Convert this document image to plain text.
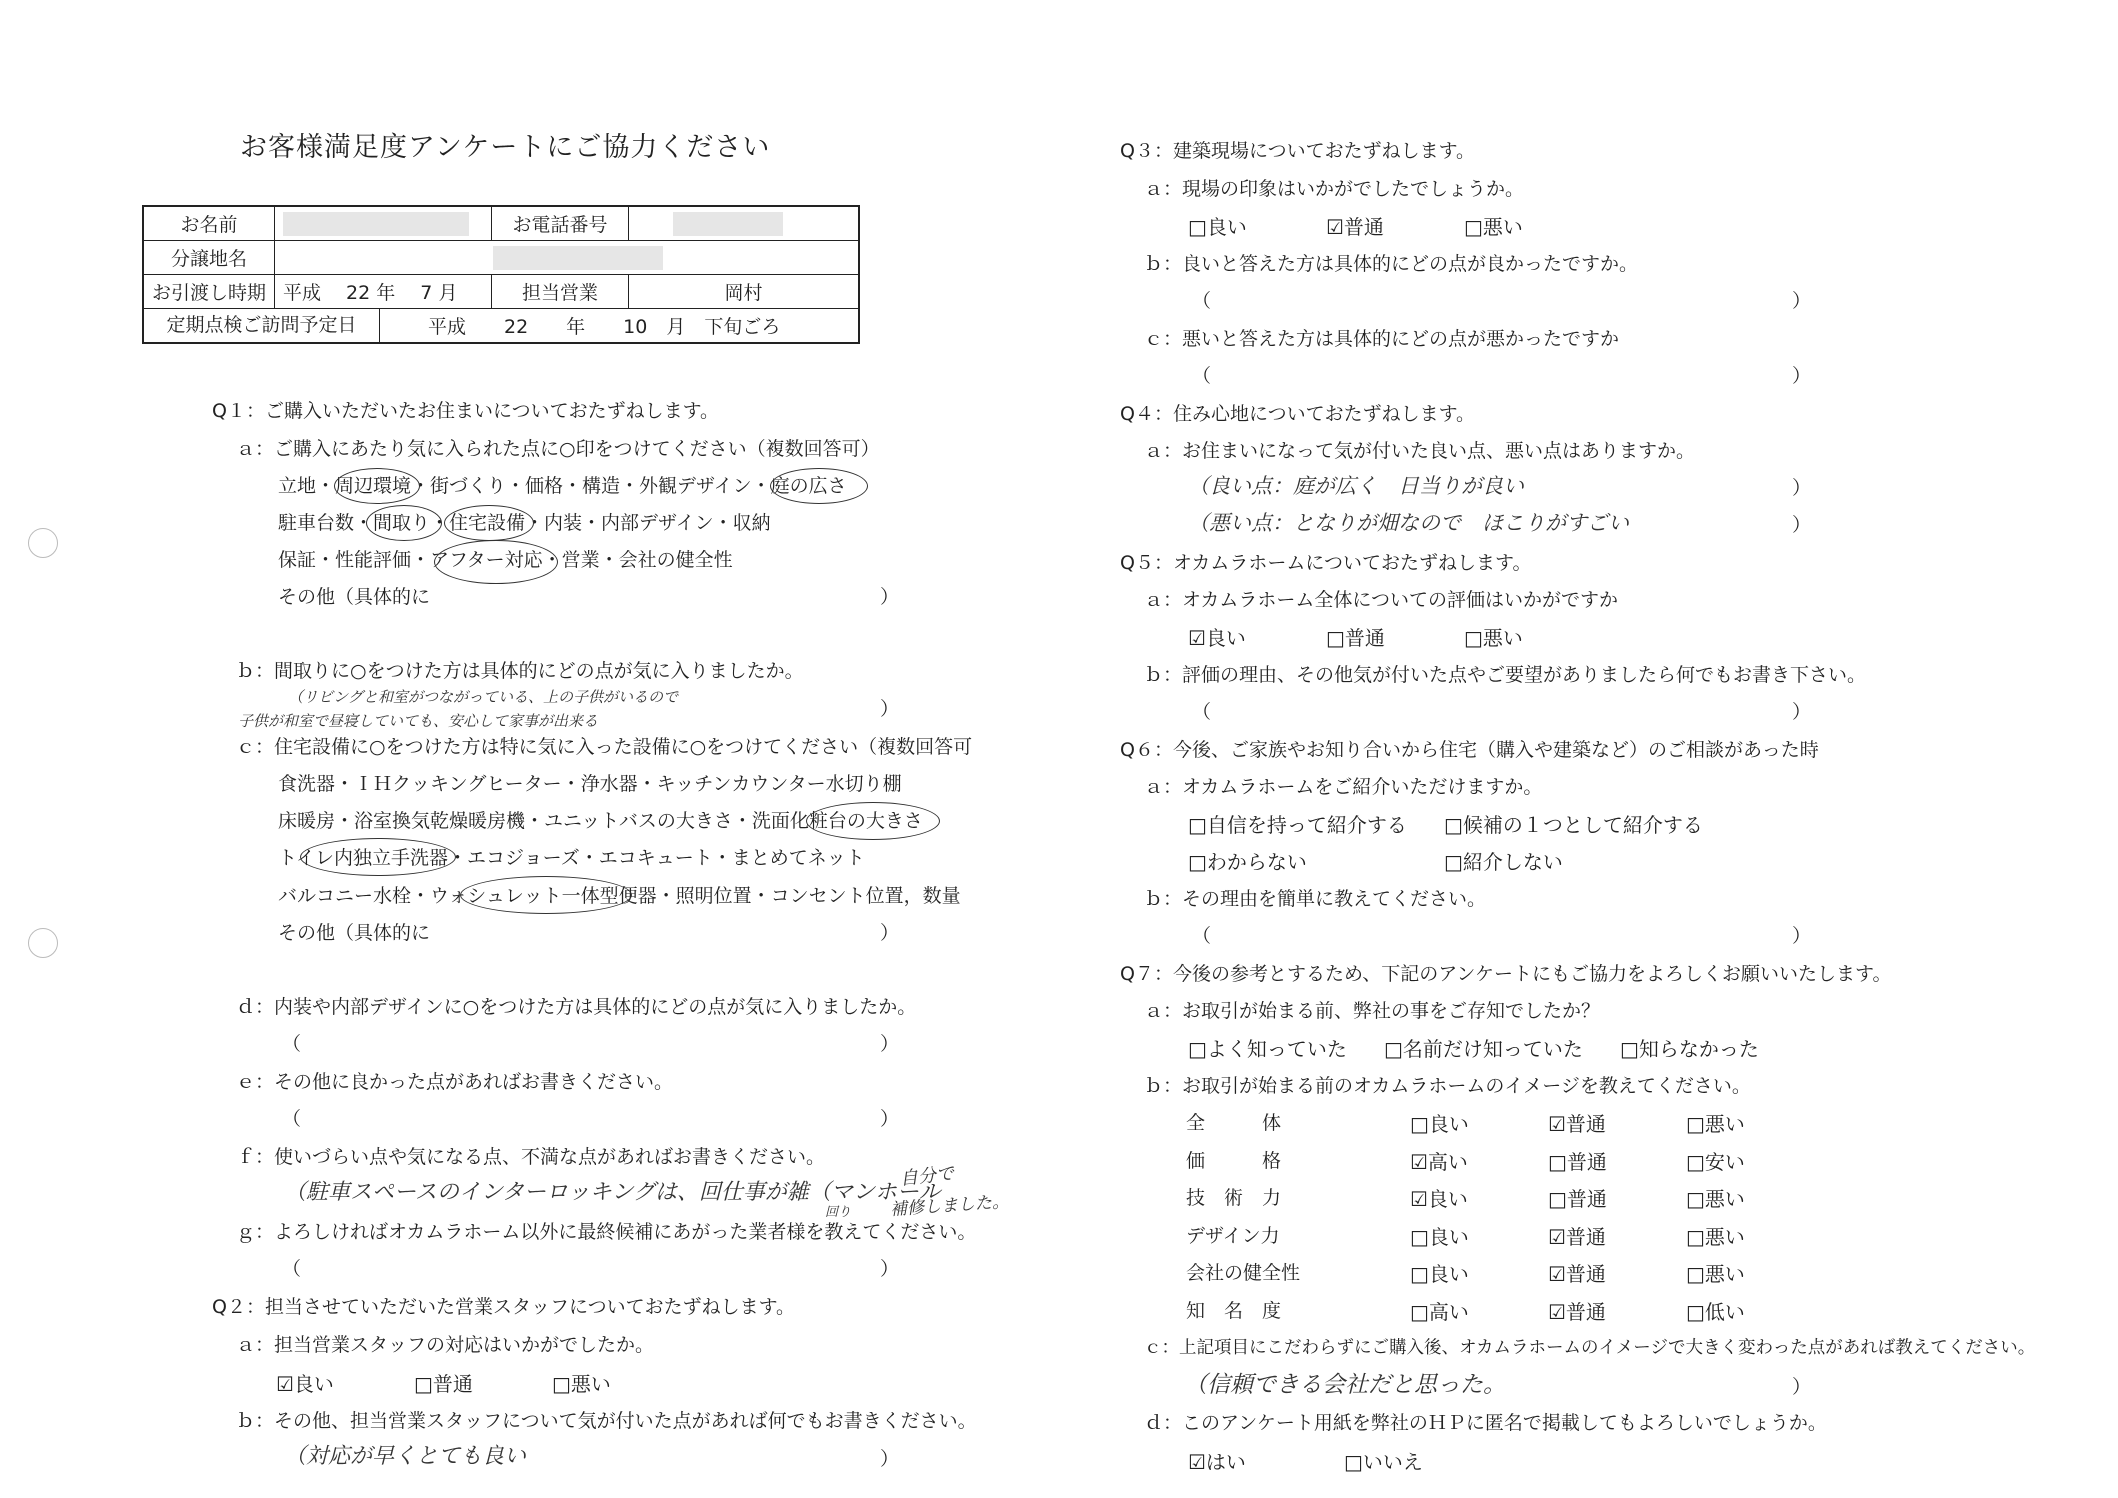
お客様満足度アンケートにご協力ください
お名前		お電話番号	
分譲地名			
お引渡し時期	平成　 22 年　 7 月	担当営業	岡村

定期点検ご訪問予定日 平成　　22　　年　　10　月　下旬ごろ			
Q１：ご購入いただいたお住まいについておたずねします。
ａ：ご購入にあたり気に入られた点に○印をつけてください（複数回答可）
立地・周辺環境・街づくり・価格・構造・外観デザイン・庭の広さ
駐車台数・間取り・住宅設備・内装・内部デザイン・収納
保証・性能評価・アフター対応・営業・会社の健全性
その他（具体的に	）
ｂ：間取りに○をつけた方は具体的にどの点が気に入りましたか。
（リビングと和室がつながっている、上の子供がいるので
子供が和室で昼寝していても、安心して家事が出来る
）
ｃ：住宅設備に○をつけた方は特に気に入った設備に○をつけてください（複数回答可
食洗器・ＩＨクッキングヒーター・浄水器・キッチンカウンター水切り棚
床暖房・浴室換気乾燥暖房機・ユニットバスの大きさ・洗面化粧台の大きさ
トイレ内独立手洗器・エコジョーズ・エコキュート・まとめてネット
バルコニー水栓・ウォシュレット一体型便器・照明位置・コンセント位置，数量
その他（具体的に	）
ｄ：内装や内部デザインに○をつけた方は具体的にどの点が気に入りましたか。
（	）
ｅ：その他に良かった点があればお書きください。
（	）
ｆ：使いづらい点や気になる点、不満な点があればお書きください。
（駐車スペースのインターロッキングは、回仕事が雑（マンホール
回り
自分で
補修しました。
ｇ：よろしければオカムラホーム以外に最終候補にあがった業者様を教えてください。
（	）
Q２：担当させていただいた営業スタッフについておたずねします。
ａ：担当営業スタッフの対応はいかがでしたか。
☑良い	□普通	□悪い
ｂ：その他、担当営業スタッフについて気が付いた点があれば何でもお書きください。
（対応が早くとても良い	）
Q３：建築現場についておたずねします。
ａ：現場の印象はいかがでしたでしょうか。
□良い	☑普通	□悪い
ｂ：良いと答えた方は具体的にどの点が良かったですか。
（	）
ｃ：悪いと答えた方は具体的にどの点が悪かったですか
（	）
Q４：住み心地についておたずねします。
ａ：お住まいになって気が付いた良い点、悪い点はありますか。
（良い点：庭が広く　日当りが良い	）
（悪い点：となりが畑なので　ほこりがすごい	）
Q５：オカムラホームについておたずねします。
ａ：オカムラホーム全体についての評価はいかがですか
☑良い	□普通	□悪い
ｂ：評価の理由、その他気が付いた点やご要望がありましたら何でもお書き下さい。
（	）
Q６：今後、ご家族やお知り合いから住宅（購入や建築など）のご相談があった時
ａ：オカムラホームをご紹介いただけますか。
□自信を持って紹介する □候補の１つとして紹介する
□わからない	□紹介しない
ｂ：その理由を簡単に教えてください。
（	）
Q７：今後の参考とするため、下記のアンケートにもご協力をよろしくお願いいたします。
ａ：お取引が始まる前、弊社の事をご存知でしたか？
□よく知っていた □名前だけ知っていた □知らなかった
ｂ：お取引が始まる前のオカムラホームのイメージを教えてください。
全　　　体	□良い	☑普通	□悪い
価　　　格	☑高い	□普通	□安い
技　術　力	☑良い	□普通	□悪い
デザイン力	□良い	☑普通	□悪い
会社の健全性	□良い	☑普通	□悪い
知　名　度	□高い	☑普通	□低い
ｃ：上記項目にこだわらずにご購入後、オカムラホームのイメージで大きく変わった点があれば教えてください。
（信頼できる会社だと思った。	）
ｄ：このアンケート用紙を弊社のＨＰに匿名で掲載してもよろしいでしょうか。
☑はい	□いいえ
